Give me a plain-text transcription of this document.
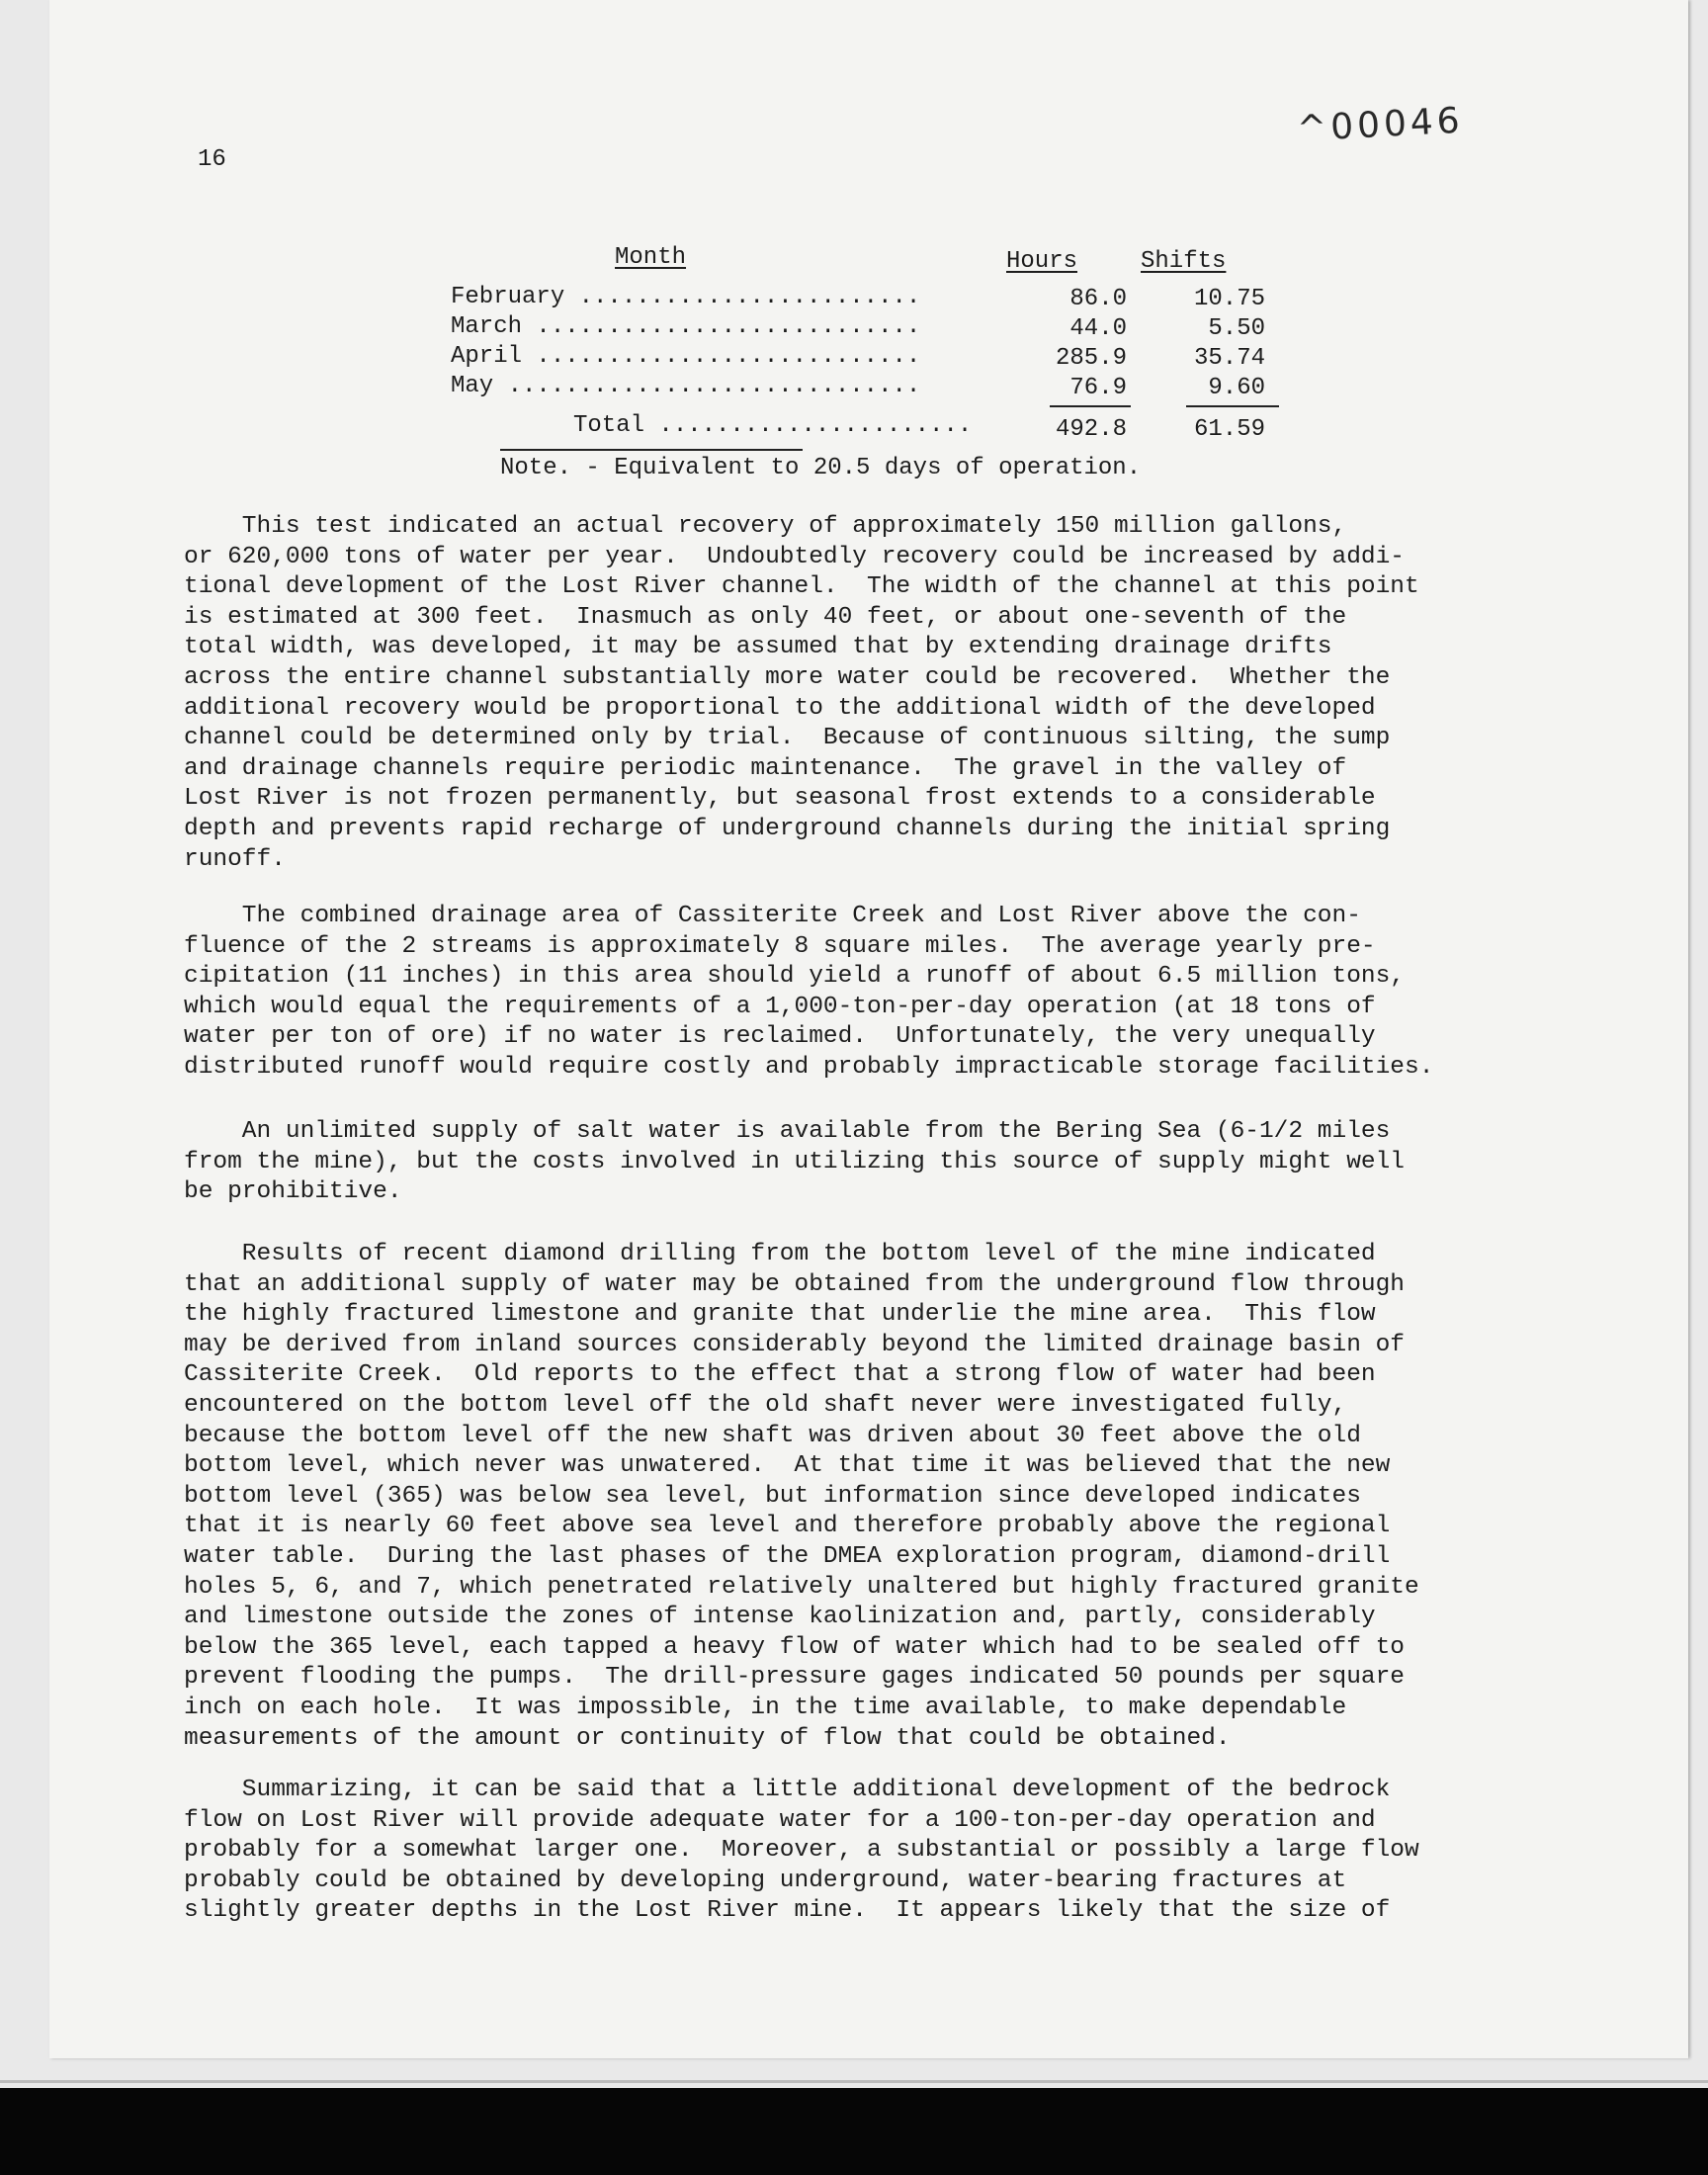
16
^00046
Month	Hours	Shifts
February ........................	86.0	10.75
March ...........................	44.0	5.50
April ...........................	285.9	35.74
May .............................	76.9	9.60
Total ......................	492.8	61.59
Note. - Equivalent to 20.5 days of operation.
This test indicated an actual recovery of approximately 150 million gallons,
or 620,000 tons of water per year.  Undoubtedly recovery could be increased by addi-
tional development of the Lost River channel.  The width of the channel at this point
is estimated at 300 feet.  Inasmuch as only 40 feet, or about one-seventh of the
total width, was developed, it may be assumed that by extending drainage drifts
across the entire channel substantially more water could be recovered.  Whether the
additional recovery would be proportional to the additional width of the developed
channel could be determined only by trial.  Because of continuous silting, the sump
and drainage channels require periodic maintenance.  The gravel in the valley of
Lost River is not frozen permanently, but seasonal frost extends to a considerable
depth and prevents rapid recharge of underground channels during the initial spring
runoff.
The combined drainage area of Cassiterite Creek and Lost River above the con-
fluence of the 2 streams is approximately 8 square miles.  The average yearly pre-
cipitation (11 inches) in this area should yield a runoff of about 6.5 million tons,
which would equal the requirements of a 1,000-ton-per-day operation (at 18 tons of
water per ton of ore) if no water is reclaimed.  Unfortunately, the very unequally
distributed runoff would require costly and probably impracticable storage facilities.
An unlimited supply of salt water is available from the Bering Sea (6-1/2 miles
from the mine), but the costs involved in utilizing this source of supply might well
be prohibitive.
Results of recent diamond drilling from the bottom level of the mine indicated
that an additional supply of water may be obtained from the underground flow through
the highly fractured limestone and granite that underlie the mine area.  This flow
may be derived from inland sources considerably beyond the limited drainage basin of
Cassiterite Creek.  Old reports to the effect that a strong flow of water had been
encountered on the bottom level off the old shaft never were investigated fully,
because the bottom level off the new shaft was driven about 30 feet above the old
bottom level, which never was unwatered.  At that time it was believed that the new
bottom level (365) was below sea level, but information since developed indicates
that it is nearly 60 feet above sea level and therefore probably above the regional
water table.  During the last phases of the DMEA exploration program, diamond-drill
holes 5, 6, and 7, which penetrated relatively unaltered but highly fractured granite
and limestone outside the zones of intense kaolinization and, partly, considerably
below the 365 level, each tapped a heavy flow of water which had to be sealed off to
prevent flooding the pumps.  The drill-pressure gages indicated 50 pounds per square
inch on each hole.  It was impossible, in the time available, to make dependable
measurements of the amount or continuity of flow that could be obtained.
Summarizing, it can be said that a little additional development of the bedrock
flow on Lost River will provide adequate water for a 100-ton-per-day operation and
probably for a somewhat larger one.  Moreover, a substantial or possibly a large flow
probably could be obtained by developing underground, water-bearing fractures at
slightly greater depths in the Lost River mine.  It appears likely that the size of
